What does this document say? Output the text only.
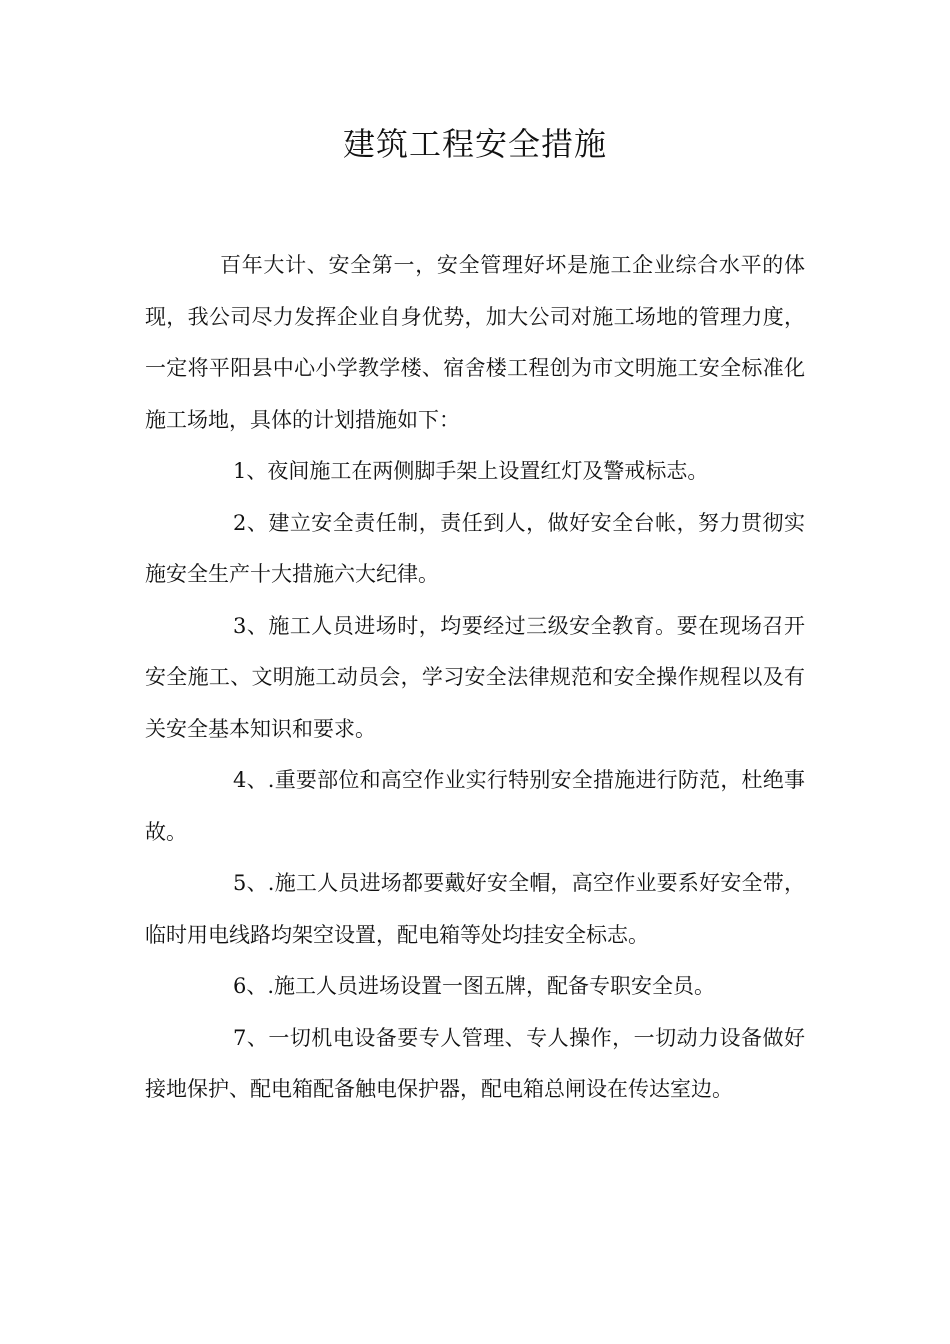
建筑工程安全措施

百年大计、安全第一，安全管理好坏是施工企业综合水平的体现，我公司尽力发挥企业自身优势，加大公司对施工场地的管理力度，一定将平阳县中心小学教学楼、宿舍楼工程创为市文明施工安全标准化施工场地，具体的计划措施如下：

1、夜间施工在两侧脚手架上设置红灯及警戒标志。

2、建立安全责任制，责任到人，做好安全台帐，努力贯彻实施安全生产十大措施六大纪律。

3、施工人员进场时，均要经过三级安全教育。要在现场召开安全施工、文明施工动员会，学习安全法律规范和安全操作规程以及有关安全基本知识和要求。

4、.重要部位和高空作业实行特别安全措施进行防范，杜绝事故。

5、.施工人员进场都要戴好安全帽，高空作业要系好安全带，临时用电线路均架空设置，配电箱等处均挂安全标志。

6、.施工人员进场设置一图五牌，配备专职安全员。

7、一切机电设备要专人管理、专人操作，一切动力设备做好接地保护、配电箱配备触电保护器，配电箱总闸设在传达室边。
